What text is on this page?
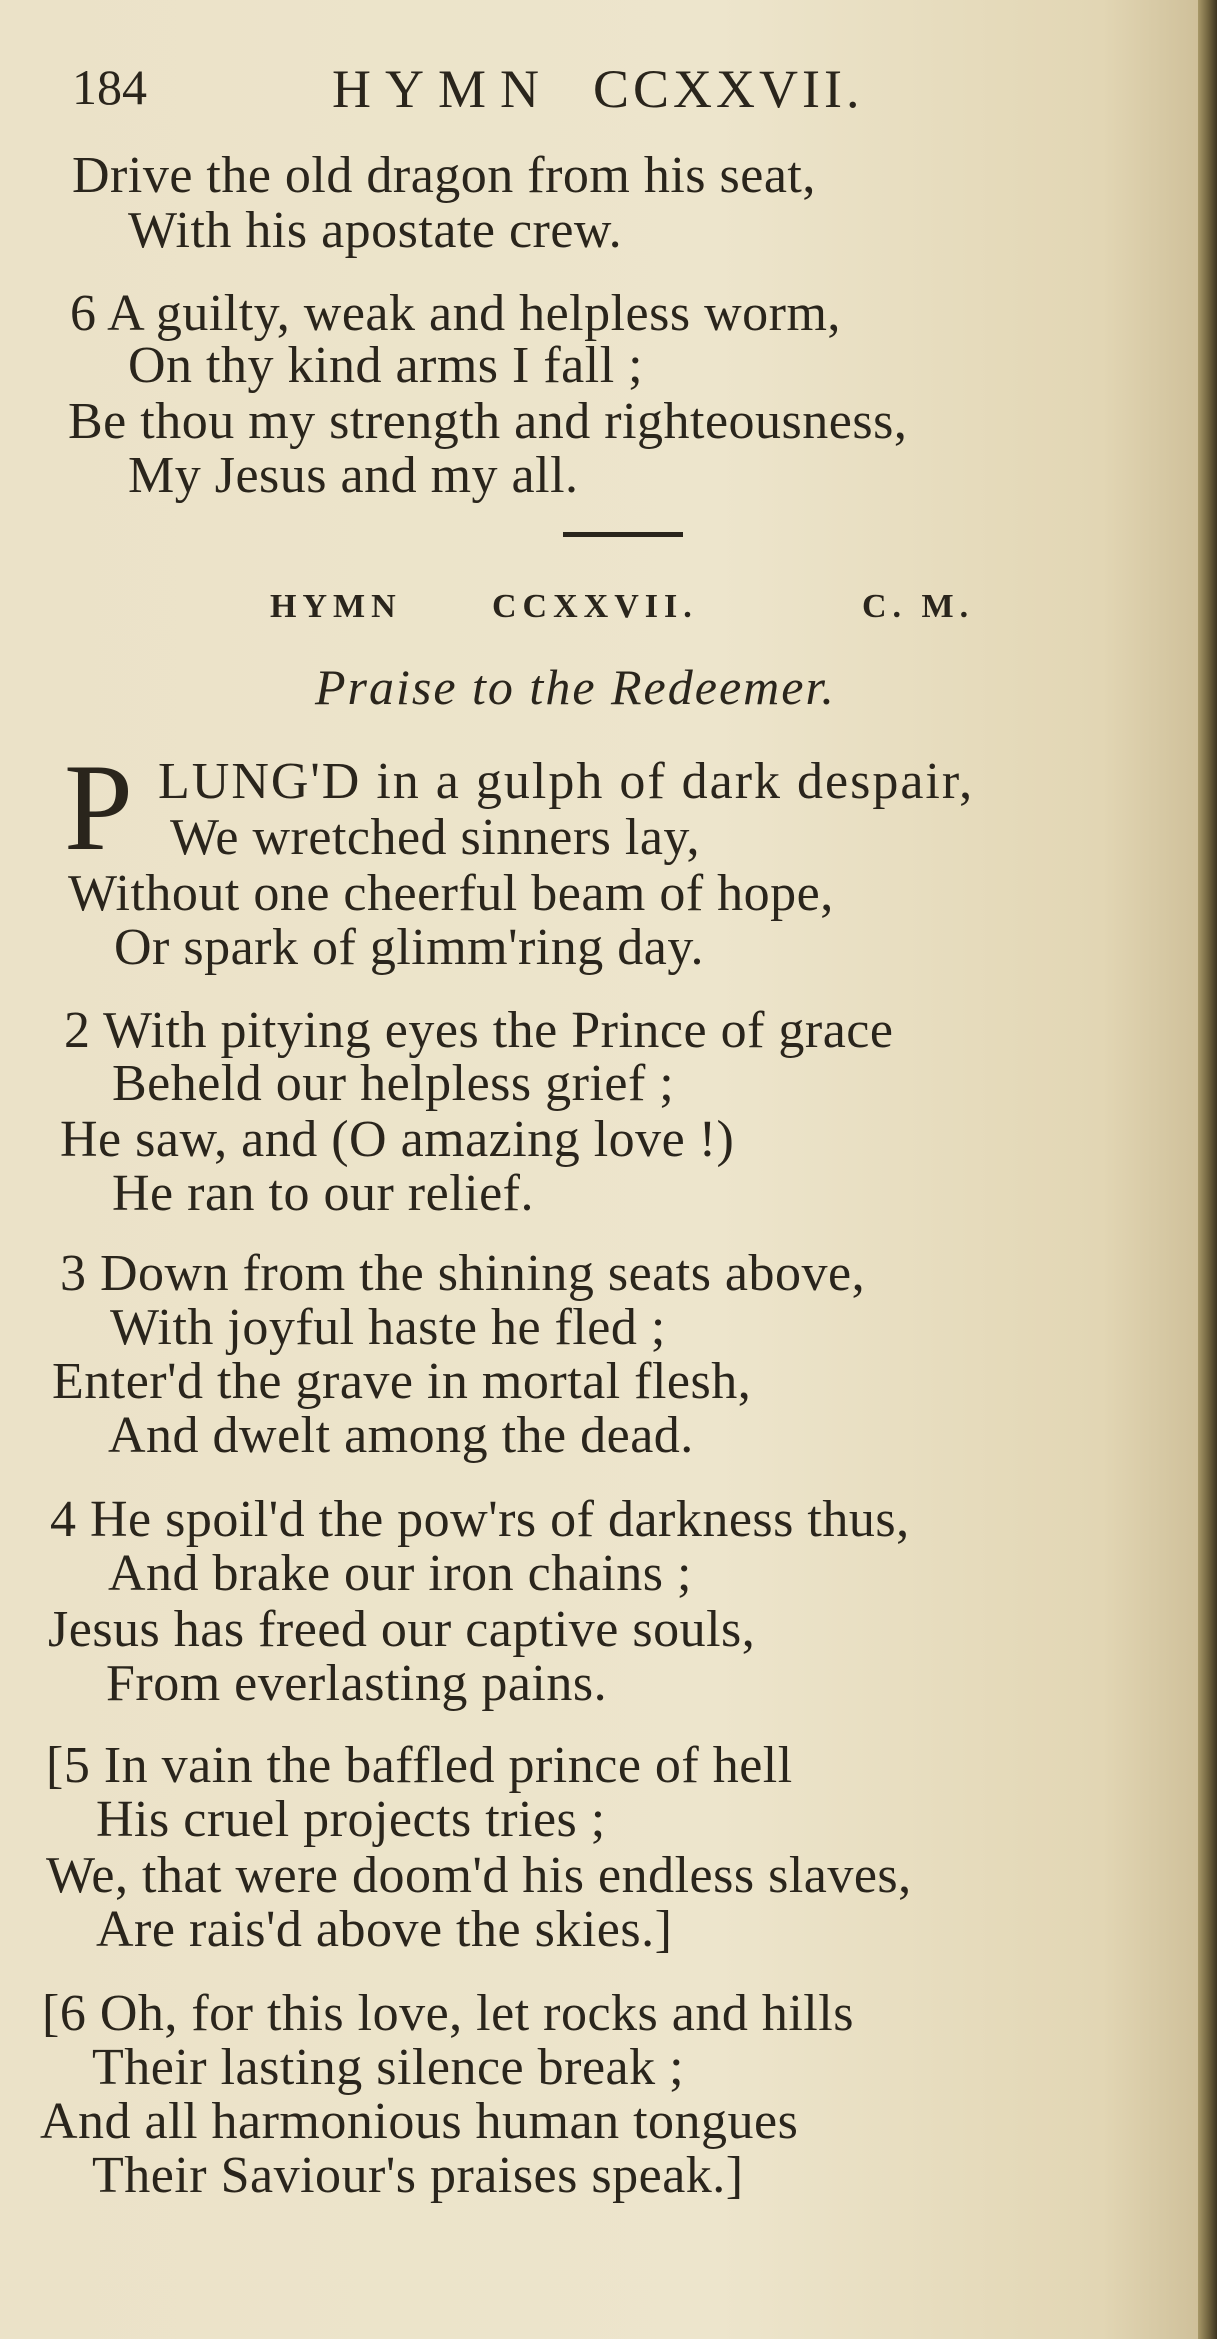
184	HYMN CCXXVII.
Drive the old dragon from his seat,
With his apostate crew.
6 A guilty, weak and helpless worm,
On thy kind arms I fall ;
Be thou my strength and righteousness,
My Jesus and my all.
HYMN	CCXXVII.	C. M.
Praise to the Redeemer.
P LUNG'D in a gulph of dark despair,
We wretched sinners lay,
Without one cheerful beam of hope,
Or spark of glimm'ring day.
2 With pitying eyes the Prince of grace
Beheld our helpless grief ;
He saw, and (O amazing love !)
He ran to our relief.
3 Down from the shining seats above,
With joyful haste he fled ;
Enter'd the grave in mortal flesh,
And dwelt among the dead.
4 He spoil'd the pow'rs of darkness thus,
And brake our iron chains ;
Jesus has freed our captive souls,
From everlasting pains.
[5 In vain the baffled prince of hell
His cruel projects tries ;
We, that were doom'd his endless slaves,
Are rais'd above the skies.]
[6 Oh, for this love, let rocks and hills
Their lasting silence break ;
And all harmonious human tongues
Their Saviour's praises speak.]
